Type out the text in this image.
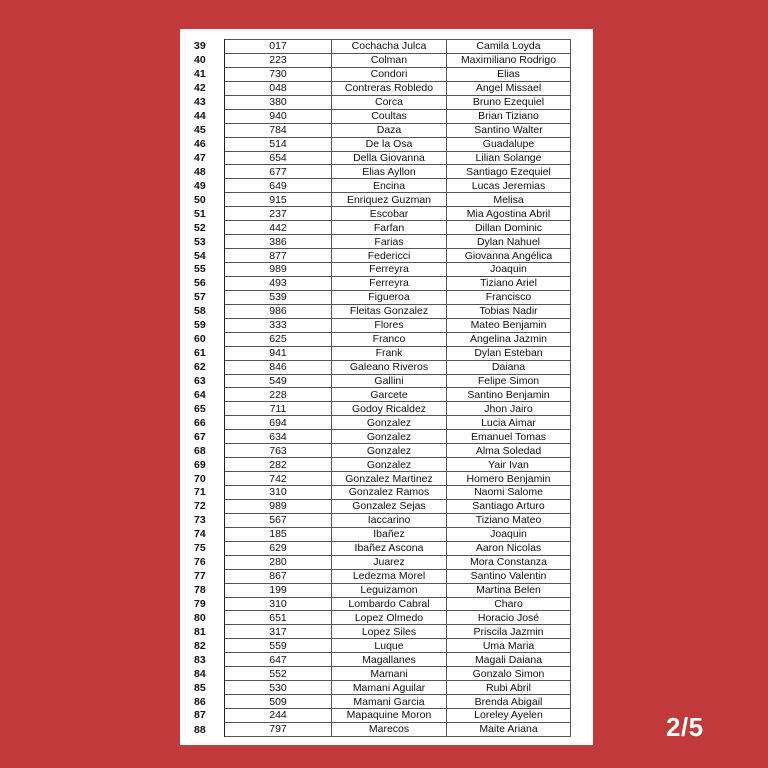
39	017	Cochacha Julca	Camila Loyda
40	223	Colman	Maximiliano Rodrigo
41	730	Condori	Elias
42	048	Contreras Robledo	Angel Missael
43	380	Corca	Bruno Ezequiel
44	940	Coultas	Brian Tiziano
45	784	Daza	Santino Walter
46	514	De la Osa	Guadalupe
47	654	Della Giovanna	Lilian Solange
48	677	Elias Ayllon	Santiago Ezequiel
49	649	Encina	Lucas Jeremias
50	915	Enriquez Guzman	Melisa
51	237	Escobar	Mia Agostina Abril
52	442	Farfan	Dillan Dominic
53	386	Farias	Dylan Nahuel
54	877	Federicci	Giovanna Angélica
55	989	Ferreyra	Joaquin
56	493	Ferreyra	Tiziano Ariel
57	539	Figueroa	Francisco
58	986	Fleitas Gonzalez	Tobias Nadir
59	333	Flores	Mateo Benjamin
60	625	Franco	Angelina Jazmin
61	941	Frank	Dylan Esteban
62	846	Galeano Riveros	Daiana
63	549	Gallini	Felipe Simon
64	228	Garcete	Santino Benjamin
65	711	Godoy Ricaldez	Jhon Jairo
66	694	Gonzalez	Lucia Aimar
67	634	Gonzalez	Emanuel Tomas
68	763	Gonzalez	Alma Soledad
69	282	Gonzalez	Yair Ivan
70	742	Gonzalez Martinez	Homero Benjamin
71	310	Gonzalez Ramos	Naomi Salome
72	989	Gonzalez Sejas	Santiago Arturo
73	567	Iaccarino	Tiziano Mateo
74	185	Ibañez	Joaquin
75	629	Ibañez Ascona	Aaron Nicolas
76	280	Juarez	Mora Constanza
77	867	Ledezma Morel	Santino Valentin
78	199	Leguizamon	Martina Belen
79	310	Lombardo Cabral	Charo
80	651	Lopez Olmedo	Horacio José
81	317	Lopez Siles	Priscila Jazmin
82	559	Luque	Uma Maria
83	647	Magallanes	Magali Daiana
84	552	Mamani	Gonzalo Simon
85	530	Mamani Aguilar	Rubi Abril
86	509	Mamani Garcia	Brenda Abigail
87	244	Mapaquine Moron	Loreley Ayelen
88	797	Marecos	Maite Ariana	2/5
